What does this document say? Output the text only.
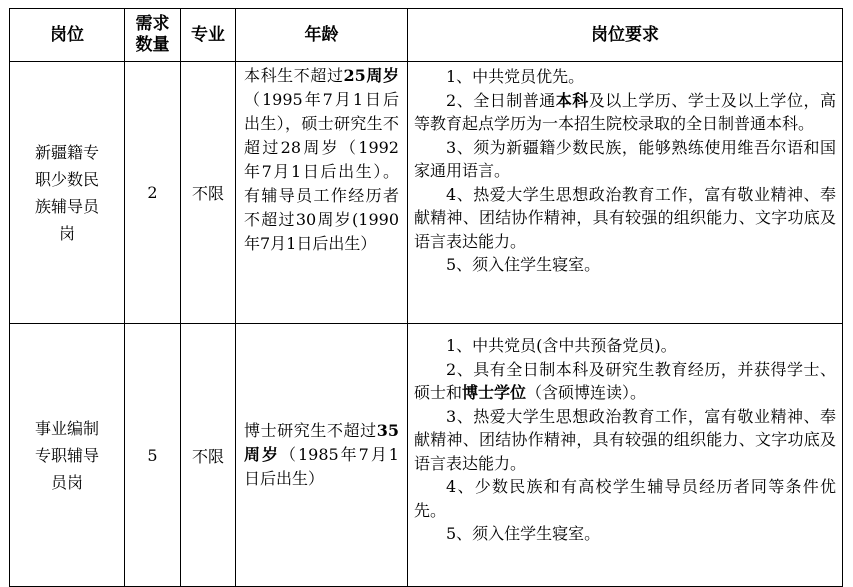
岗位	需求数量	专业	年龄	岗位要求
新疆籍专职少数民族辅导员岗	2	不限	本科生不超过25周岁（1995年7月1日后出生），硕士研究生不超过28周岁（1992年7月1日后出生）。有辅导员工作经历者不超过30周岁(1990年7月1日后出生）	1、中共党员优先。

2、全日制普通本科及以上学历、学士及以上学位，高等教育起点学历为一本招生院校录取的全日制普通本科。

3、须为新疆籍少数民族，能够熟练使用维吾尔语和国家通用语言。

4、热爱大学生思想政治教育工作，富有敬业精神、奉献精神、团结协作精神，具有较强的组织能力、文字功底及语言表达能力。

5、须入住学生寝室。

事业编制专职辅导员岗	5	不限	博士研究生不超过35周岁（1985年7月1日后出生）	1、中共党员(含中共预备党员)。

2、具有全日制本科及研究生教育经历，并获得学士、硕士和博士学位（含硕博连读）。

3、热爱大学生思想政治教育工作，富有敬业精神、奉献精神、团结协作精神，具有较强的组织能力、文字功底及语言表达能力。

4、少数民族和有高校学生辅导员经历者同等条件优先。

5、须入住学生寝室。
